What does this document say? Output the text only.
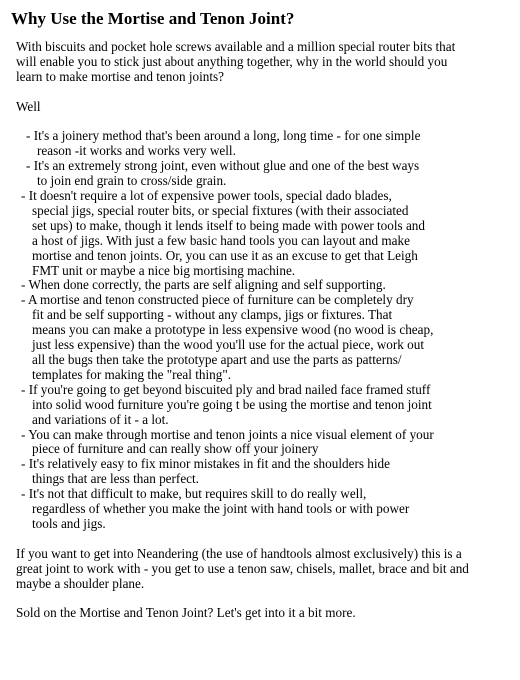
Why Use the Mortise and Tenon Joint?
With biscuits and pocket hole screws available and a million special router bits that
will enable you to stick just about anything together, why in the world should you
learn to make mortise and tenon joints?
Well
- It's a joinery method that's been around a long, long time - for one simple
reason -it works and works very well.
- It's an extremely strong joint, even without glue and one of the best ways
to join end grain to cross/side grain.
- It doesn't require a lot of expensive power tools, special dado blades,
special jigs, special router bits, or special fixtures (with their associated
set ups) to make, though it lends itself to being made with power tools and
a host of jigs. With just a few basic hand tools you can layout and make
mortise and tenon joints. Or, you can use it as an excuse to get that Leigh
FMT unit or maybe a nice big mortising machine.
- When done correctly, the parts are self aligning and self supporting.
- A mortise and tenon constructed piece of furniture can be completely dry
fit and be self supporting - without any clamps, jigs or fixtures. That
means you can make a prototype in less expensive wood (no wood is cheap,
just less expensive) than the wood you'll use for the actual piece, work out
all the bugs then take the prototype apart and use the parts as patterns/
templates for making the "real thing".
- If you're going to get beyond biscuited ply and brad nailed face framed stuff
into solid wood furniture you're going t be using the mortise and tenon joint
and variations of it - a lot.
- You can make through mortise and tenon joints a nice visual element of your
piece of furniture and can really show off your joinery
- It's relatively easy to fix minor mistakes in fit and the shoulders hide
things that are less than perfect.
- It's not that difficult to make, but requires skill to do really well,
regardless of whether you make the joint with hand tools or with power
tools and jigs.
If you want to get into Neandering (the use of handtools almost exclusively) this is a
great joint to work with - you get to use a tenon saw, chisels, mallet, brace and bit and
maybe a shoulder plane.
Sold on the Mortise and Tenon Joint? Let's get into it a bit more.
